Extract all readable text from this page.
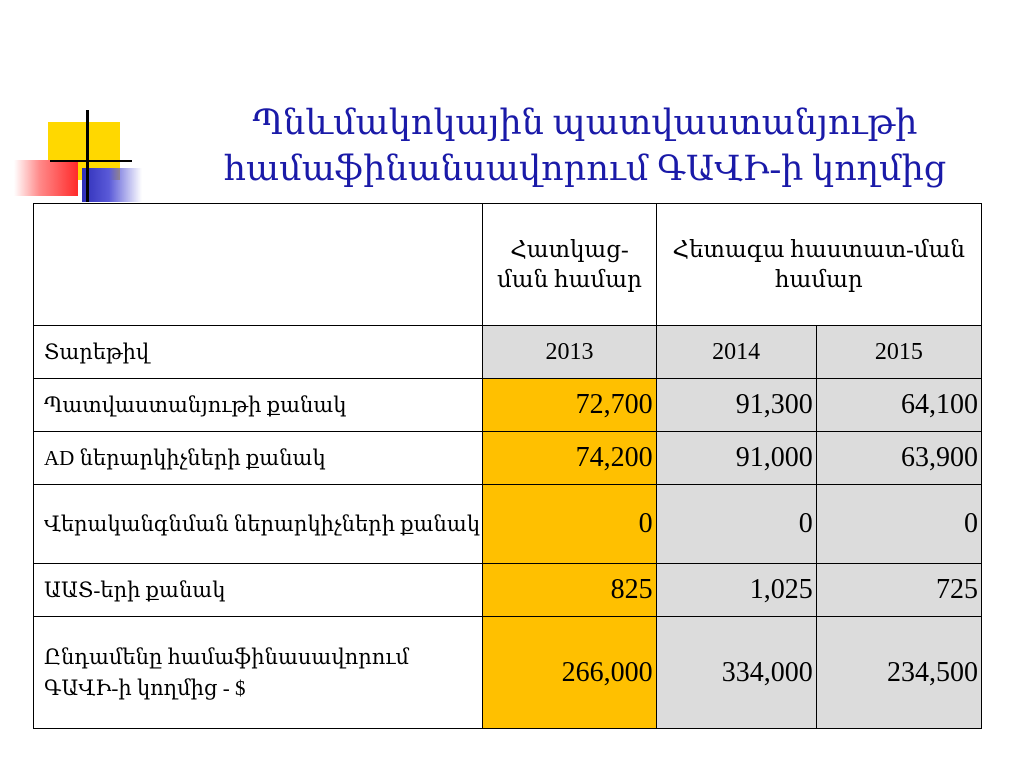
Պնևմակոկային պատվաստանյութի
համաֆինանսավորում ԳԱՎԻ-ի կողմից
	Հատկաց-ման համար	Հետագա հաստատ-ման համար	
Տարեթիվ	2013	2014	2015
Պատվաստանյութի քանակ	72,700	91,300	64,100
AD ներարկիչների քանակ	74,200	91,000	63,900
Վերականգնման ներարկիչների քանակ	0	0	0
ԱԱՏ-երի քանակ	825	1,025	725
Ընդամենը համաֆինասավորում ԳԱՎԻ-ի կողմից - $	266,000	334,000	234,500
